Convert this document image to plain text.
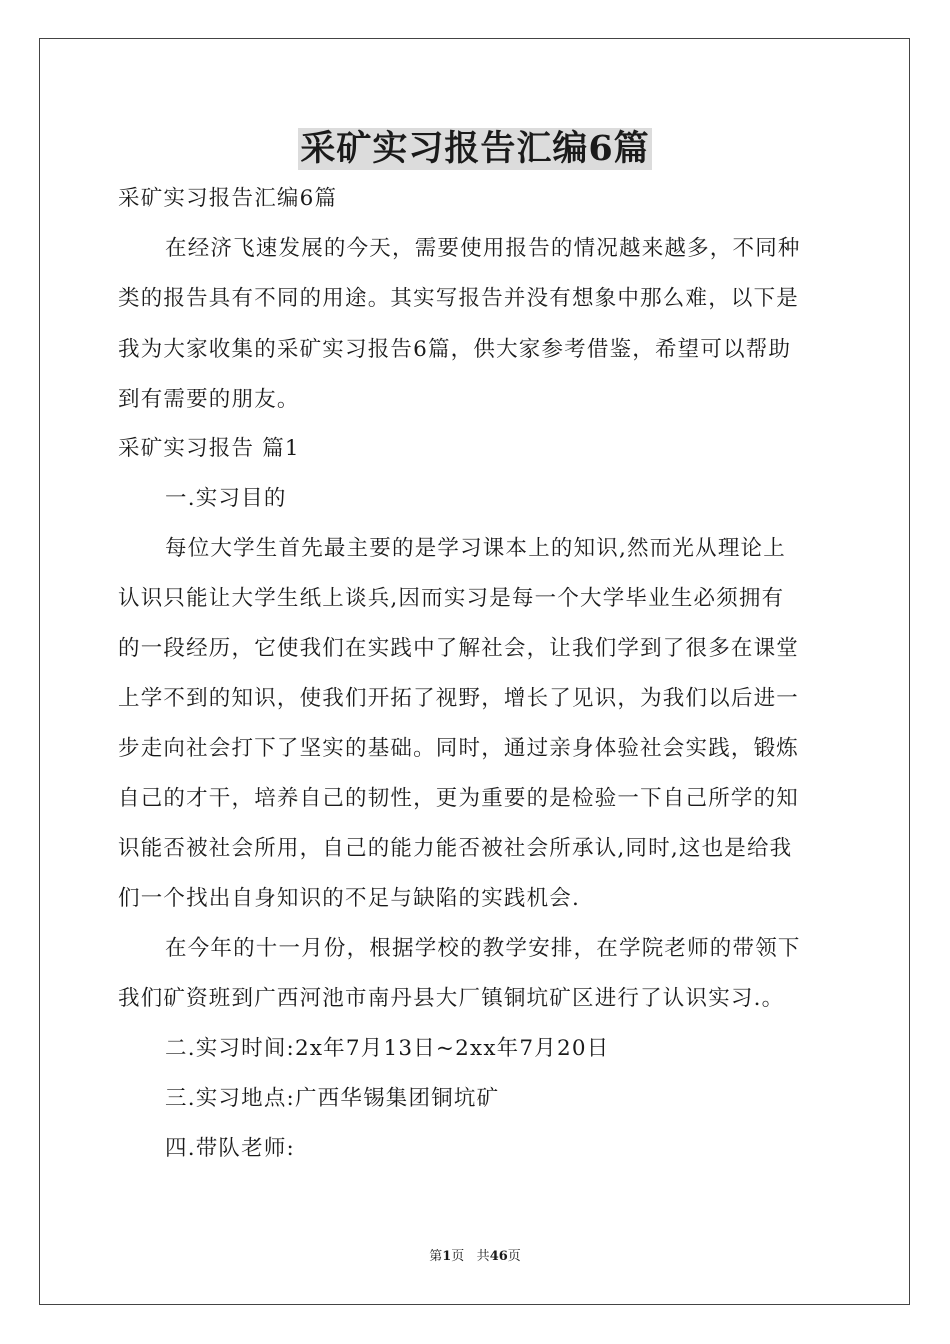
采矿实习报告汇编6篇
采矿实习报告汇编6篇
在经济飞速发展的今天，需要使用报告的情况越来越多，不同种
类的报告具有不同的用途。其实写报告并没有想象中那么难，以下是
我为大家收集的采矿实习报告6篇，供大家参考借鉴，希望可以帮助
到有需要的朋友。
采矿实习报告 篇1
一.实习目的
每位大学生首先最主要的是学习课本上的知识,然而光从理论上
认识只能让大学生纸上谈兵,因而实习是每一个大学毕业生必须拥有
的一段经历，它使我们在实践中了解社会，让我们学到了很多在课堂
上学不到的知识，使我们开拓了视野，增长了见识，为我们以后进一
步走向社会打下了坚实的基础。同时，通过亲身体验社会实践，锻炼
自己的才干，培养自己的韧性，更为重要的是检验一下自己所学的知
识能否被社会所用，自己的能力能否被社会所承认,同时,这也是给我
们一个找出自身知识的不足与缺陷的实践机会.
在今年的十一月份，根据学校的教学安排，在学院老师的带领下
我们矿资班到广西河池市南丹县大厂镇铜坑矿区进行了认识实习.。
二.实习时间:2x年7月13日~2xx年7月20日
三.实习地点:广西华锡集团铜坑矿
四.带队老师:
第1页 共46页
